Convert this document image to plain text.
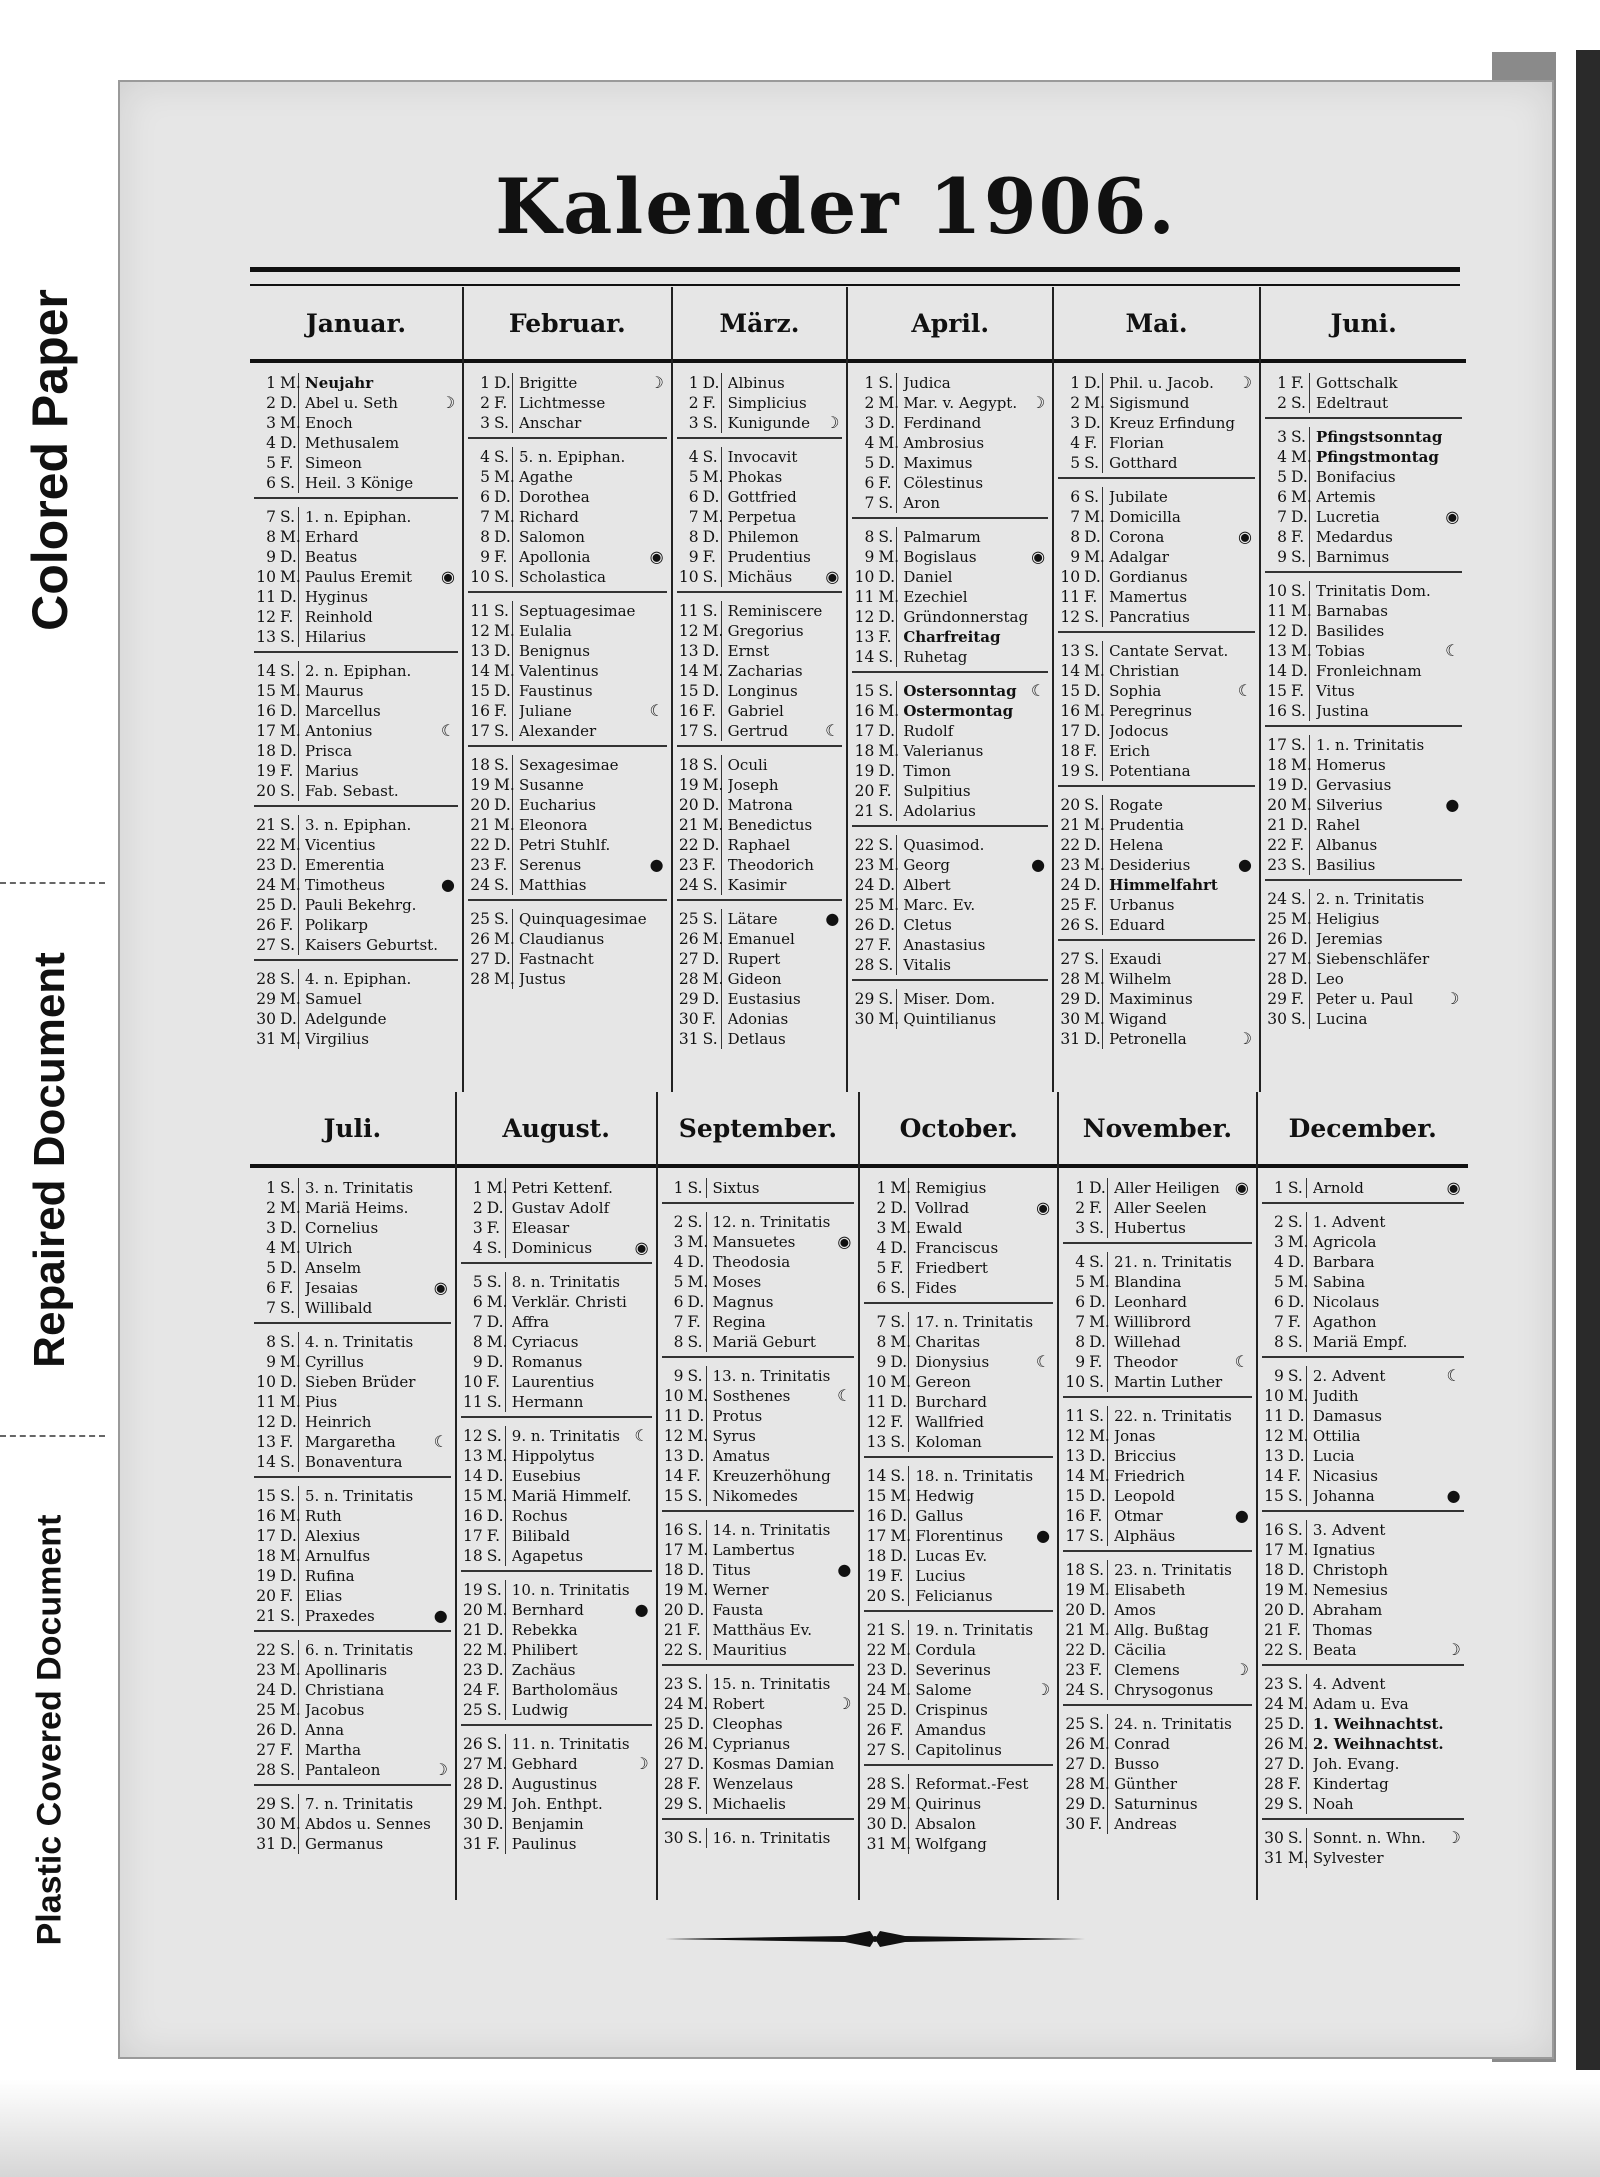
Colored Paper
Repaired Document
Plastic Covered Document
Kalender 1906.
Januar.
1 M. Neujahr
2 D. Abel u. Seth	☽
3 M. Enoch
4 D. Methusalem
5 F. Simeon
6 S. Heil. 3 Könige
7 S. 1. n. Epiphan.
8 M. Erhard
9 D. Beatus
10 M. Paulus Eremit	◉
11 D. Hyginus
12 F. Reinhold
13 S. Hilarius
14 S. 2. n. Epiphan.
15 M. Maurus
16 D. Marcellus
17 M. Antonius	☾
18 D. Prisca
19 F. Marius
20 S. Fab. Sebast.
21 S. 3. n. Epiphan.
22 M. Vicentius
23 D. Emerentia
24 M. Timotheus	●
25 D. Pauli Bekehrg.
26 F. Polikarp
27 S. Kaisers Geburtst.
28 S. 4. n. Epiphan.
29 M. Samuel
30 D. Adelgunde
31 M. Virgilius
Februar.
1 D. Brigitte	☽
2 F. Lichtmesse
3 S. Anschar
4 S. 5. n. Epiphan.
5 M. Agathe
6 D. Dorothea
7 M. Richard
8 D. Salomon
9 F. Apollonia	◉
10 S. Scholastica
11 S. Septuagesimae
12 M. Eulalia
13 D. Benignus
14 M. Valentinus
15 D. Faustinus
16 F. Juliane	☾
17 S. Alexander
18 S. Sexagesimae
19 M. Susanne
20 D. Eucharius
21 M. Eleonora
22 D. Petri Stuhlf.
23 F. Serenus	●
24 S. Matthias
25 S. Quinquagesimae
26 M. Claudianus
27 D. Fastnacht
28 M. Justus
März.
1 D. Albinus
2 F. Simplicius
3 S. Kunigunde ☽
4 S. Invocavit
5 M. Phokas
6 D. Gottfried
7 M. Perpetua
8 D. Philemon
9 F. Prudentius
10 S. Michäus	◉
11 S. Reminiscere
12 M. Gregorius
13 D. Ernst
14 M. Zacharias
15 D. Longinus
16 F. Gabriel
17 S. Gertrud	☾
18 S. Oculi
19 M. Joseph
20 D. Matrona
21 M. Benedictus
22 D. Raphael
23 F. Theodorich
24 S. Kasimir
25 S. Lätare	●
26 M. Emanuel
27 D. Rupert
28 M. Gideon
29 D. Eustasius
30 F. Adonias
31 S. Detlaus
April.
1 S. Judica
2 M. Mar. v. Aegypt. ☽
3 D. Ferdinand
4 M. Ambrosius
5 D. Maximus
6 F. Cölestinus
7 S. Aron
8 S. Palmarum
9 M. Bogislaus	◉
10 D. Daniel
11 M. Ezechiel
12 D. Gründonnerstag
13 F. Charfreitag
14 S. Ruhetag
15 S. Ostersonntag ☾
16 M. Ostermontag
17 D. Rudolf
18 M. Valerianus
19 D. Timon
20 F. Sulpitius
21 S. Adolarius
22 S. Quasimod.
23 M. Georg	●
24 D. Albert
25 M. Marc. Ev.
26 D. Cletus
27 F. Anastasius
28 S. Vitalis
29 S. Miser. Dom.
30 M. Quintilianus
Mai.
1 D. Phil. u. Jacob.	☽
2 M. Sigismund
3 D. Kreuz Erfindung
4 F. Florian
5 S. Gotthard
6 S. Jubilate
7 M. Domicilla
8 D. Corona	◉
9 M. Adalgar
10 D. Gordianus
11 F. Mamertus
12 S. Pancratius
13 S. Cantate Servat.
14 M. Christian
15 D. Sophia	☾
16 M. Peregrinus
17 D. Jodocus
18 F. Erich
19 S. Potentiana
20 S. Rogate
21 M. Prudentia
22 D. Helena
23 M. Desiderius	●
24 D. Himmelfahrt
25 F. Urbanus
26 S. Eduard
27 S. Exaudi
28 M. Wilhelm
29 D. Maximinus
30 M. Wigand
31 D. Petronella	☽
Juni.
1 F. Gottschalk
2 S. Edeltraut
3 S. Pfingstsonntag
4 M. Pfingstmontag
5 D. Bonifacius
6 M. Artemis
7 D. Lucretia	◉
8 F. Medardus
9 S. Barnimus
10 S. Trinitatis Dom.
11 M. Barnabas
12 D. Basilides
13 M. Tobias	☾
14 D. Fronleichnam
15 F. Vitus
16 S. Justina
17 S. 1. n. Trinitatis
18 M. Homerus
19 D. Gervasius
20 M. Silverius	●
21 D. Rahel
22 F. Albanus
23 S. Basilius
24 S. 2. n. Trinitatis
25 M. Heligius
26 D. Jeremias
27 M. Siebenschläfer
28 D. Leo
29 F. Peter u. Paul	☽
30 S. Lucina
Juli.
1 S. 3. n. Trinitatis
2 M. Mariä Heims.
3 D. Cornelius
4 M. Ulrich
5 D. Anselm
6 F. Jesaias	◉
7 S. Willibald
8 S. 4. n. Trinitatis
9 M. Cyrillus
10 D. Sieben Brüder
11 M. Pius
12 D. Heinrich
13 F. Margaretha	☾
14 S. Bonaventura
15 S. 5. n. Trinitatis
16 M. Ruth
17 D. Alexius
18 M. Arnulfus
19 D. Rufina
20 F. Elias
21 S. Praxedes	●
22 S. 6. n. Trinitatis
23 M. Apollinaris
24 D. Christiana
25 M. Jacobus
26 D. Anna
27 F. Martha
28 S. Pantaleon	☽
29 S. 7. n. Trinitatis
30 M. Abdos u. Sennes
31 D. Germanus
August.
1 M. Petri Kettenf.
2 D. Gustav Adolf
3 F. Eleasar
4 S. Dominicus	◉
5 S. 8. n. Trinitatis
6 M. Verklär. Christi
7 D. Affra
8 M. Cyriacus
9 D. Romanus
10 F. Laurentius
11 S. Hermann
12 S. 9. n. Trinitatis ☾
13 M. Hippolytus
14 D. Eusebius
15 M. Mariä Himmelf.
16 D. Rochus
17 F. Bilibald
18 S. Agapetus
19 S. 10. n. Trinitatis
20 M. Bernhard	●
21 D. Rebekka
22 M. Philibert
23 D. Zachäus
24 F. Bartholomäus
25 S. Ludwig
26 S. 11. n. Trinitatis
27 M. Gebhard	☽
28 D. Augustinus
29 M. Joh. Enthpt.
30 D. Benjamin
31 F. Paulinus
September.
1 S. Sixtus
2 S. 12. n. Trinitatis
3 M. Mansuetes	◉
4 D. Theodosia
5 M. Moses
6 D. Magnus
7 F. Regina
8 S. Mariä Geburt
9 S. 13. n. Trinitatis
10 M. Sosthenes	☾
11 D. Protus
12 M. Syrus
13 D. Amatus
14 F. Kreuzerhöhung
15 S. Nikomedes
16 S. 14. n. Trinitatis
17 M. Lambertus
18 D. Titus	●
19 M. Werner
20 D. Fausta
21 F. Matthäus Ev.
22 S. Mauritius
23 S. 15. n. Trinitatis
24 M. Robert	☽
25 D. Cleophas
26 M. Cyprianus
27 D. Kosmas Damian
28 F. Wenzelaus
29 S. Michaelis
30 S. 16. n. Trinitatis
October.
1 M. Remigius
2 D. Vollrad	◉
3 M. Ewald
4 D. Franciscus
5 F. Friedbert
6 S. Fides
7 S. 17. n. Trinitatis
8 M. Charitas
9 D. Dionysius	☾
10 M. Gereon
11 D. Burchard
12 F. Wallfried
13 S. Koloman
14 S. 18. n. Trinitatis
15 M. Hedwig
16 D. Gallus
17 M. Florentinus	●
18 D. Lucas Ev.
19 F. Lucius
20 S. Felicianus
21 S. 19. n. Trinitatis
22 M. Cordula
23 D. Severinus
24 M. Salome	☽
25 D. Crispinus
26 F. Amandus
27 S. Capitolinus
28 S. Reformat.-Fest
29 M. Quirinus
30 D. Absalon
31 M. Wolfgang
November.
1 D. Aller Heiligen ◉
2 F. Aller Seelen
3 S. Hubertus
4 S. 21. n. Trinitatis
5 M. Blandina
6 D. Leonhard
7 M. Willibrord
8 D. Willehad
9 F. Theodor	☾
10 S. Martin Luther
11 S. 22. n. Trinitatis
12 M. Jonas
13 D. Briccius
14 M. Friedrich
15 D. Leopold
16 F. Otmar	●
17 S. Alphäus
18 S. 23. n. Trinitatis
19 M. Elisabeth
20 D. Amos
21 M. Allg. Bußtag
22 D. Cäcilia
23 F. Clemens	☽
24 S. Chrysogonus
25 S. 24. n. Trinitatis
26 M. Conrad
27 D. Busso
28 M. Günther
29 D. Saturninus
30 F. Andreas
December.
1 S. Arnold	◉
2 S. 1. Advent
3 M. Agricola
4 D. Barbara
5 M. Sabina
6 D. Nicolaus
7 F. Agathon
8 S. Mariä Empf.
9 S. 2. Advent	☾
10 M. Judith
11 D. Damasus
12 M. Ottilia
13 D. Lucia
14 F. Nicasius
15 S. Johanna	●
16 S. 3. Advent
17 M. Ignatius
18 D. Christoph
19 M. Nemesius
20 D. Abraham
21 F. Thomas
22 S. Beata	☽
23 S. 4. Advent
24 M. Adam u. Eva
25 D. 1. Weihnachtst.
26 M. 2. Weihnachtst.
27 D. Joh. Evang.
28 F. Kindertag
29 S. Noah
30 S. Sonnt. n. Whn.	☽
31 M. Sylvester
